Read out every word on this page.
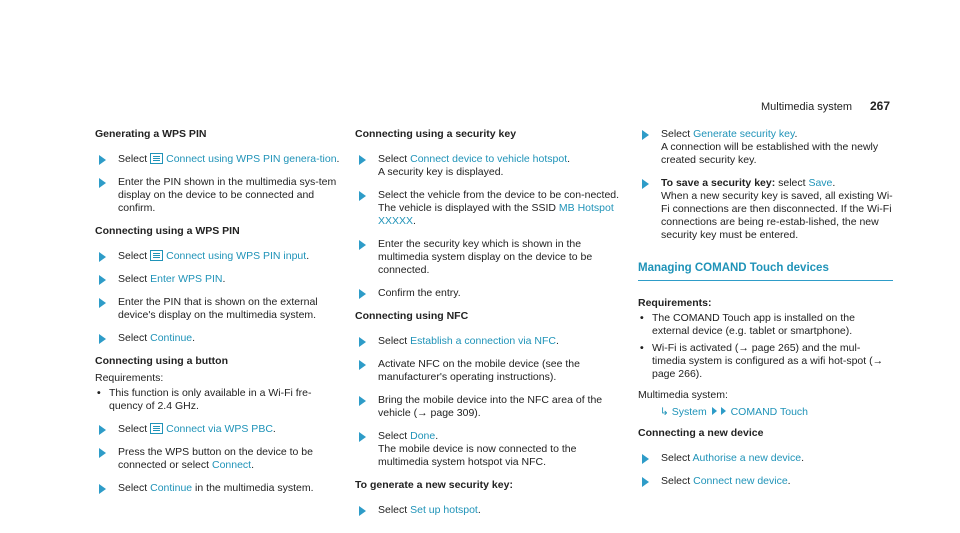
Multimedia system 267
Generating a WPS PIN
Select Connect using WPS PIN genera-tion.
Enter the PIN shown in the multimedia sys-tem display on the device to be connected and confirm.
Connecting using a WPS PIN
Select Connect using WPS PIN input.
Select Enter WPS PIN.
Enter the PIN that is shown on the external device's display on the multimedia system.
Select Continue.
Connecting using a button
Requirements:
• This function is only available in a Wi-Fi fre-quency of 2.4 GHz.
Select Connect via WPS PBC.
Press the WPS button on the device to be connected or select Connect.
Select Continue in the multimedia system.
Connecting using a security key
Select Connect device to vehicle hotspot.
A security key is displayed.
Select the vehicle from the device to be con-nected. The vehicle is displayed with the SSID MB Hotspot XXXXX.
Enter the security key which is shown in the multimedia system display on the device to be connected.
Confirm the entry.
Connecting using NFC
Select Establish a connection via NFC.
Activate NFC on the mobile device (see the manufacturer's operating instructions).
Bring the mobile device into the NFC area of the vehicle (→ page 309).
Select Done.
The mobile device is now connected to the multimedia system hotspot via NFC.
To generate a new security key:
Select Set up hotspot.
Select Generate security key.
A connection will be established with the newly created security key.
To save a security key: select Save.
When a new security key is saved, all existing Wi-Fi connections are then disconnected. If the Wi-Fi connections are being re-estab-lished, the new security key must be entered.
Managing COMAND Touch devices
Requirements:
• The COMAND Touch app is installed on the external device (e.g. tablet or smartphone).
• Wi-Fi is activated (→ page 265) and the mul-timedia system is configured as a wifi hot-spot (→ page 266).
Multimedia system:
↳ System COMAND Touch
Connecting a new device
Select Authorise a new device.
Select Connect new device.
